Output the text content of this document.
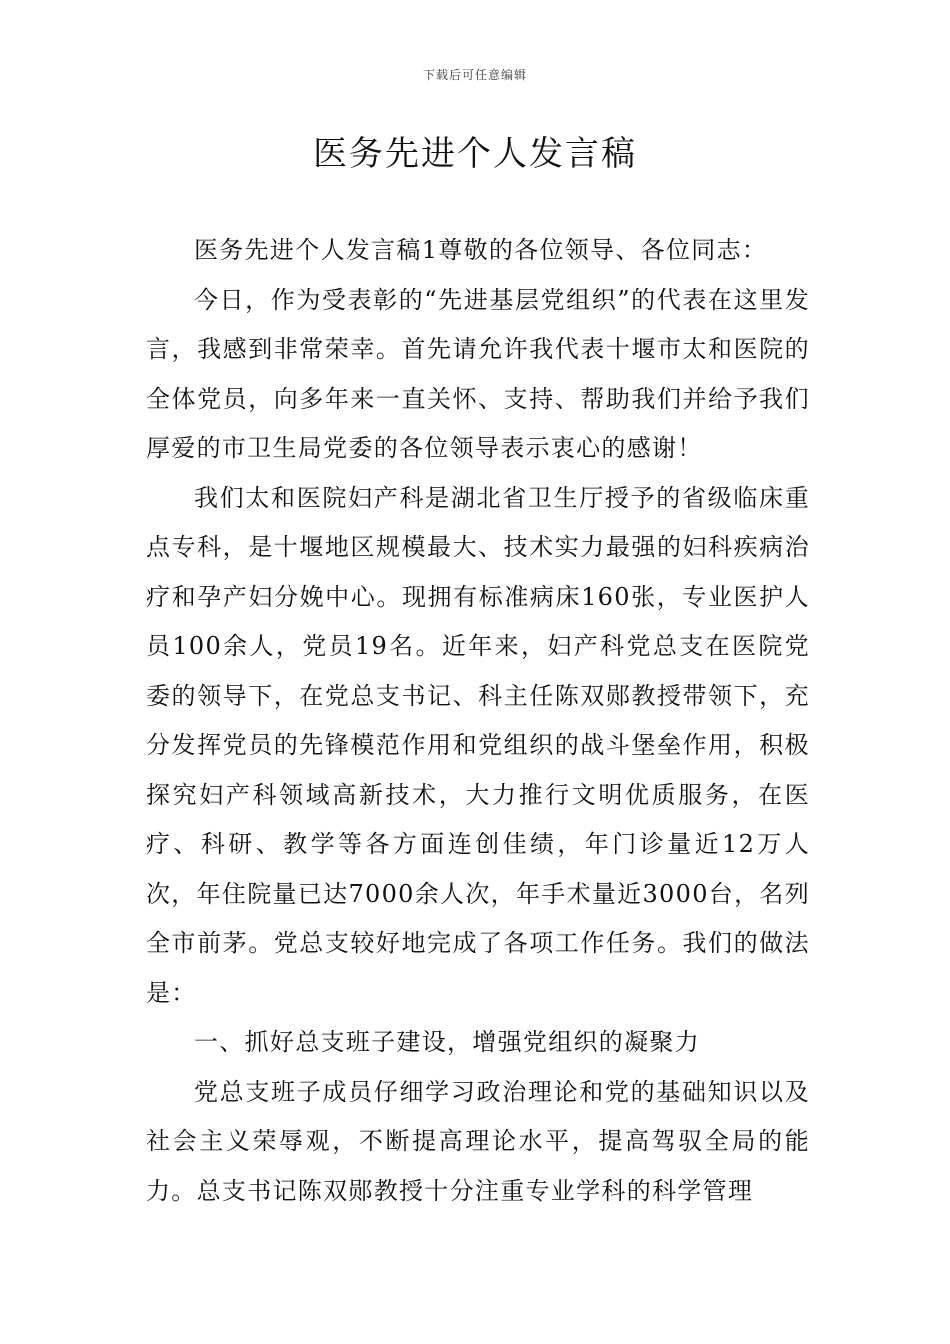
下载后可任意编辑
医务先进个人发言稿

医务先进个人发言稿1尊敬的各位领导、各位同志：

今日，作为受表彰的“先进基层党组织”的代表在这里发言，我感到非常荣幸。首先请允许我代表十堰市太和医院的全体党员，向多年来一直关怀、支持、帮助我们并给予我们厚爱的市卫生局党委的各位领导表示衷心的感谢！

我们太和医院妇产科是湖北省卫生厅授予的省级临床重点专科，是十堰地区规模最大、技术实力最强的妇科疾病治疗和孕产妇分娩中心。现拥有标准病床160张，专业医护人员100余人，党员19名。近年来，妇产科党总支在医院党委的领导下，在党总支书记、科主任陈双郧教授带领下，充分发挥党员的先锋模范作用和党组织的战斗堡垒作用，积极探究妇产科领域高新技术，大力推行文明优质服务，在医疗、科研、教学等各方面连创佳绩，年门诊量近12万人次，年住院量已达7000余人次，年手术量近3000台，名列全市前茅。党总支较好地完成了各项工作任务。我们的做法是：

一、抓好总支班子建设，增强党组织的凝聚力

党总支班子成员仔细学习政治理论和党的基础知识以及社会主义荣辱观，不断提高理论水平，提高驾驭全局的能力。总支书记陈双郧教授十分注重专业学科的科学管理
